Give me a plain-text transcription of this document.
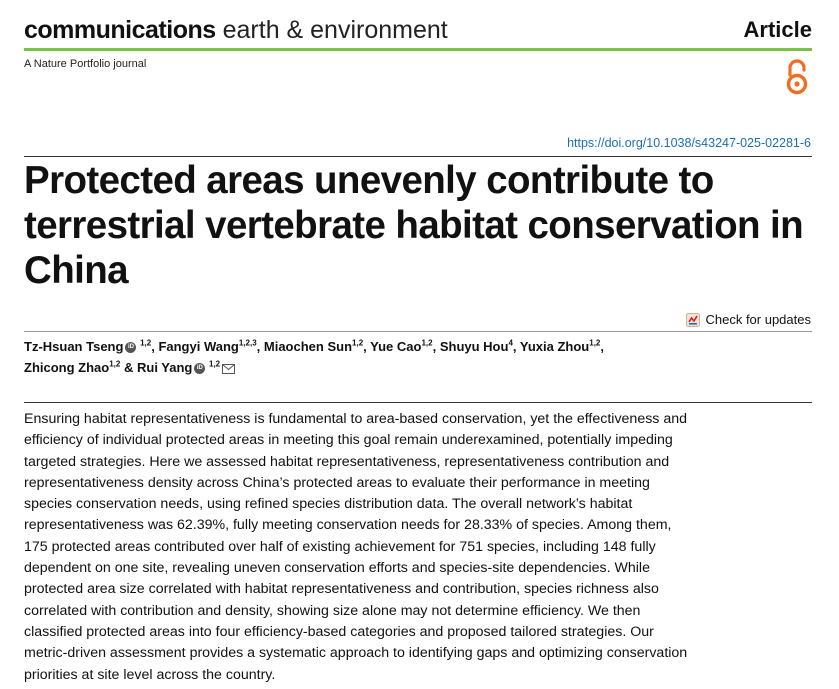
communications earth & environment	Article
A Nature Portfolio journal
https://doi.org/10.1038/s43247-025-02281-6
Protected areas unevenly contribute to terrestrial vertebrate habitat conservation in China
Check for updates
Tz-Hsuan Tseng iD $^{1,2}$, Fangyi Wang$^{1,2,3}$, Miaochen Sun$^{1,2}$, Yue Cao$^{1,2}$, Shuyu Hou$^4$, Yuxia Zhou$^{1,2}$,
Zhicong Zhao$^{1,2}$ & Rui Yang iD $^{1,2}$

Ensuring habitat representativeness is fundamental to area-based conservation, yet the effectiveness and efficiency of individual protected areas in meeting this goal remain underexamined, potentially impeding targeted strategies. Here we assessed habitat representativeness, representativeness contribution and representativeness density across China’s protected areas to evaluate their performance in meeting species conservation needs, using refined species distribution data. The overall network’s habitat representativeness was 62.39%, fully meeting conservation needs for 28.33% of species. Among them, 175 protected areas contributed over half of existing achievement for 751 species, including 148 fully dependent on one site, revealing uneven conservation efforts and species-site dependencies. While protected area size correlated with habitat representativeness and contribution, species richness also correlated with contribution and density, showing size alone may not determine efficiency. We then classified protected areas into four efficiency-based categories and proposed tailored strategies. Our metric-driven assessment provides a systematic approach to identifying gaps and optimizing conservation priorities at site level across the country.
